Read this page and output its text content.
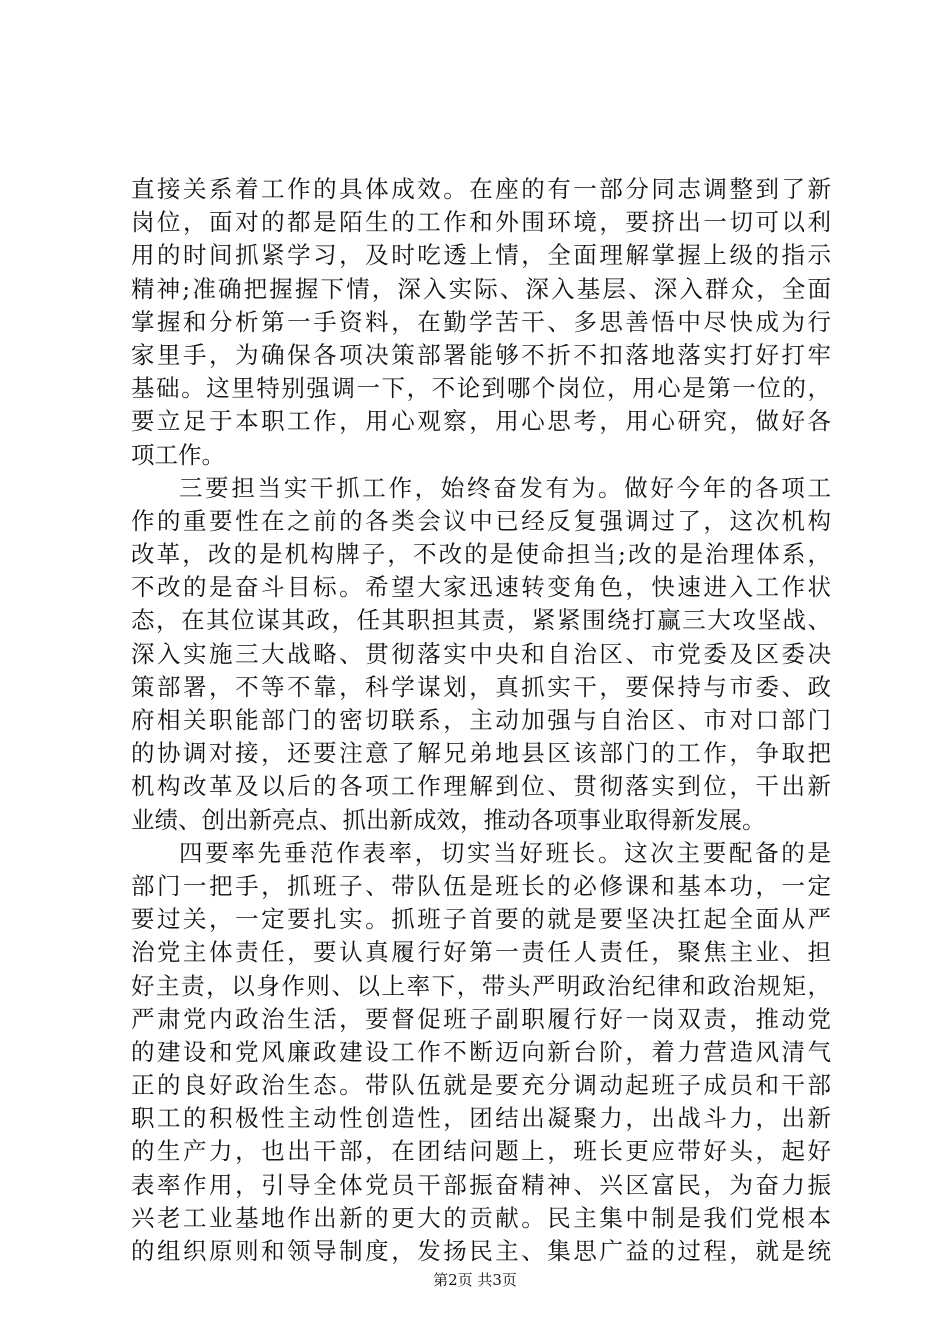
直接关系着工作的具体成效。在座的有一部分同志调整到了新
岗位，面对的都是陌生的工作和外围环境，要挤出一切可以利
用的时间抓紧学习，及时吃透上情，全面理解掌握上级的指示
精神;准确把握握下情，深入实际、深入基层、深入群众，全面
掌握和分析第一手资料，在勤学苦干、多思善悟中尽快成为行
家里手，为确保各项决策部署能够不折不扣落地落实打好打牢
基础。这里特别强调一下，不论到哪个岗位，用心是第一位的，
要立足于本职工作，用心观察，用心思考，用心研究，做好各
项工作。
三要担当实干抓工作，始终奋发有为。做好今年的各项工
作的重要性在之前的各类会议中已经反复强调过了，这次机构
改革，改的是机构牌子，不改的是使命担当;改的是治理体系，
不改的是奋斗目标。希望大家迅速转变角色，快速进入工作状
态，在其位谋其政，任其职担其责，紧紧围绕打赢三大攻坚战、
深入实施三大战略、贯彻落实中央和自治区、市党委及区委决
策部署，不等不靠，科学谋划，真抓实干，要保持与市委、政
府相关职能部门的密切联系，主动加强与自治区、市对口部门
的协调对接，还要注意了解兄弟地县区该部门的工作，争取把
机构改革及以后的各项工作理解到位、贯彻落实到位，干出新
业绩、创出新亮点、抓出新成效，推动各项事业取得新发展。
四要率先垂范作表率，切实当好班长。这次主要配备的是
部门一把手，抓班子、带队伍是班长的必修课和基本功，一定
要过关，一定要扎实。抓班子首要的就是要坚决扛起全面从严
治党主体责任，要认真履行好第一责任人责任，聚焦主业、担
好主责，以身作则、以上率下，带头严明政治纪律和政治规矩，
严肃党内政治生活，要督促班子副职履行好一岗双责，推动党
的建设和党风廉政建设工作不断迈向新台阶，着力营造风清气
正的良好政治生态。带队伍就是要充分调动起班子成员和干部
职工的积极性主动性创造性，团结出凝聚力，出战斗力，出新
的生产力，也出干部，在团结问题上，班长更应带好头，起好
表率作用，引导全体党员干部振奋精神、兴区富民，为奋力振
兴老工业基地作出新的更大的贡献。民主集中制是我们党根本
的组织原则和领导制度，发扬民主、集思广益的过程，就是统
第2页 共3页
